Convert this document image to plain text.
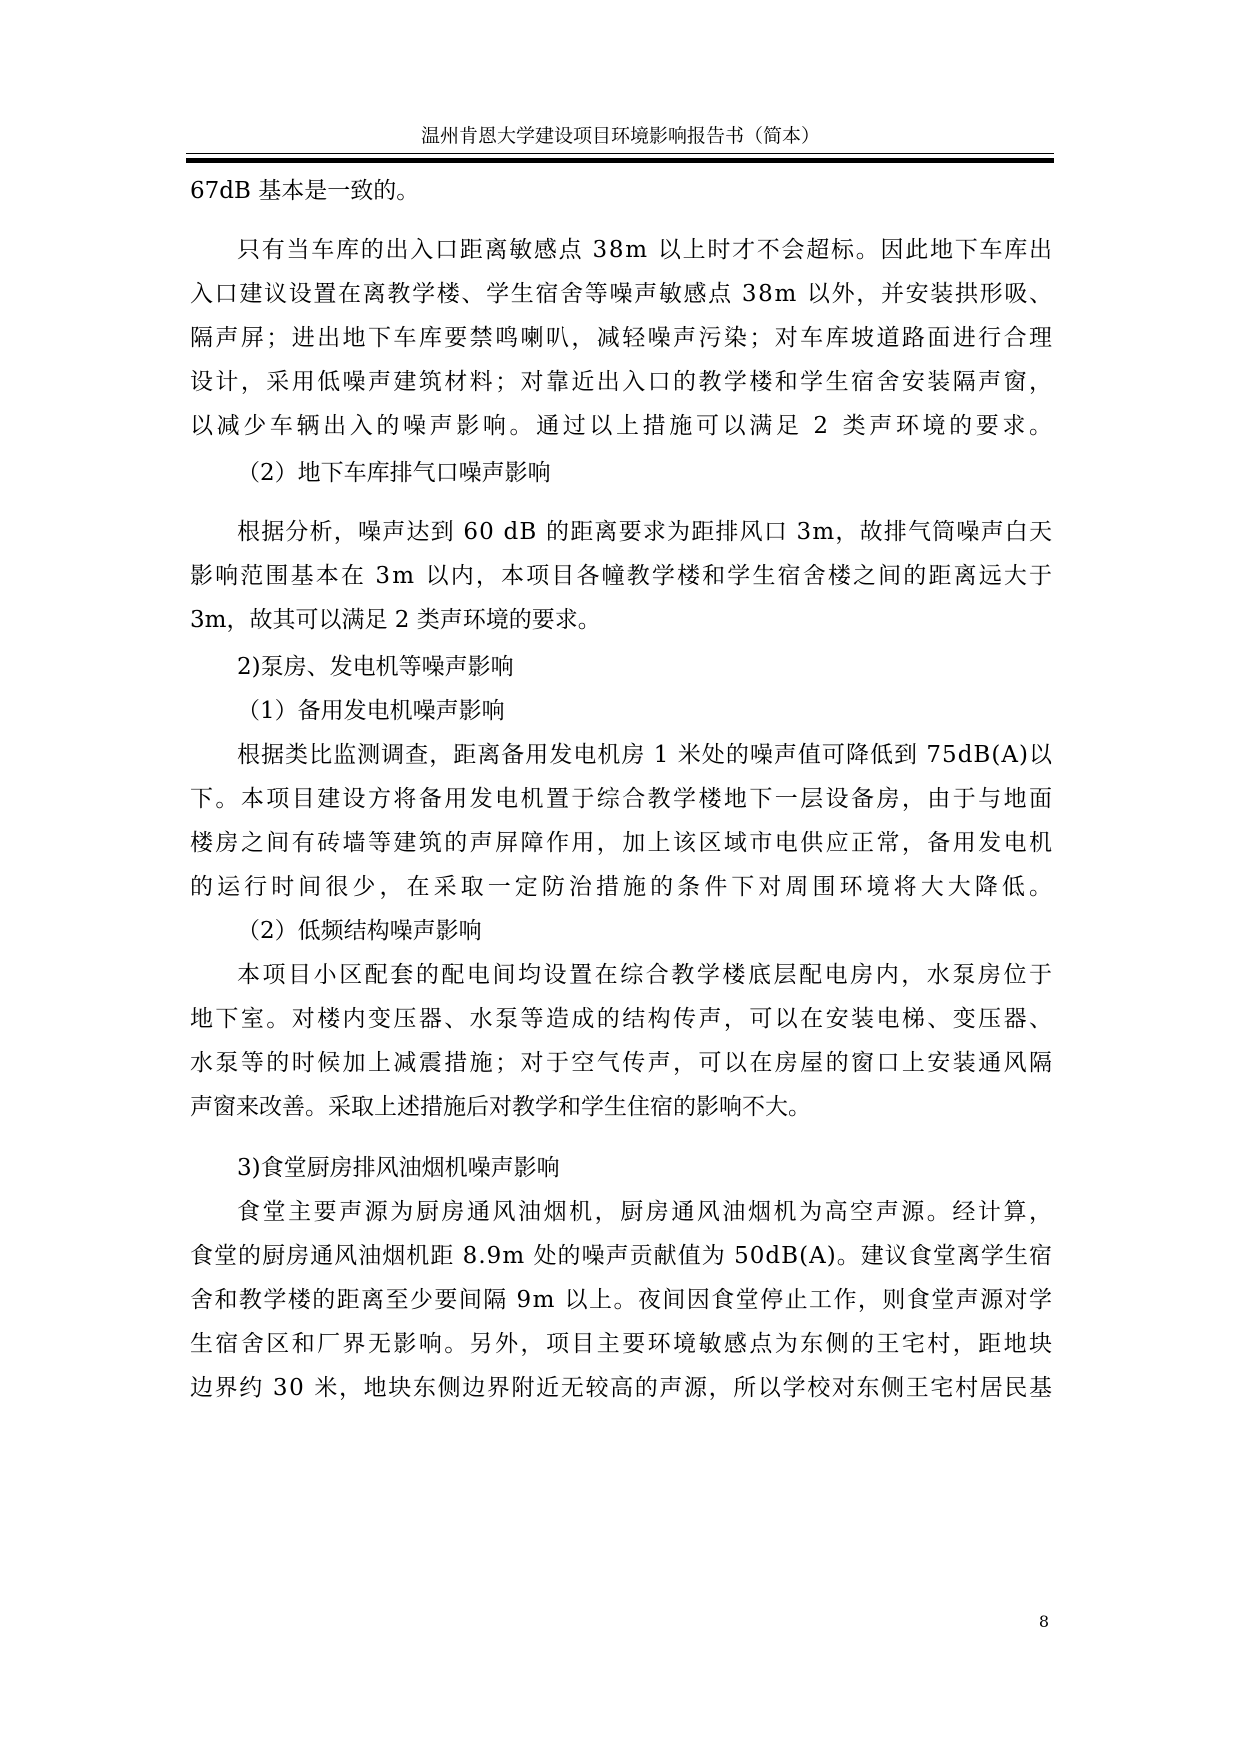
温州肯恩大学建设项目环境影响报告书（简本）
67dB 基本是一致的。
只有当车库的出入口距离敏感点 38m 以上时才不会超标。因此地下车库出
入口建议设置在离教学楼、学生宿舍等噪声敏感点 38m 以外，并安装拱形吸、
隔声屏；进出地下车库要禁鸣喇叭，减轻噪声污染；对车库坡道路面进行合理
设计，采用低噪声建筑材料；对靠近出入口的教学楼和学生宿舍安装隔声窗，
以减少车辆出入的噪声影响。通过以上措施可以满足 2 类声环境的要求。
（2）地下车库排气口噪声影响
根据分析，噪声达到 60 dB 的距离要求为距排风口 3m，故排气筒噪声白天
影响范围基本在 3m 以内，本项目各幢教学楼和学生宿舍楼之间的距离远大于
3m，故其可以满足 2 类声环境的要求。
2)泵房、发电机等噪声影响
（1）备用发电机噪声影响
根据类比监测调查，距离备用发电机房 1 米处的噪声值可降低到 75dB(A)以
下。本项目建设方将备用发电机置于综合教学楼地下一层设备房，由于与地面
楼房之间有砖墙等建筑的声屏障作用，加上该区域市电供应正常，备用发电机
的运行时间很少，在采取一定防治措施的条件下对周围环境将大大降低。
（2）低频结构噪声影响
本项目小区配套的配电间均设置在综合教学楼底层配电房内，水泵房位于
地下室。对楼内变压器、水泵等造成的结构传声，可以在安装电梯、变压器、
水泵等的时候加上减震措施；对于空气传声，可以在房屋的窗口上安装通风隔
声窗来改善。采取上述措施后对教学和学生住宿的影响不大。
3)食堂厨房排风油烟机噪声影响
食堂主要声源为厨房通风油烟机，厨房通风油烟机为高空声源。经计算，
食堂的厨房通风油烟机距 8.9m 处的噪声贡献值为 50dB(A)。建议食堂离学生宿
舍和教学楼的距离至少要间隔 9m 以上。夜间因食堂停止工作，则食堂声源对学
生宿舍区和厂界无影响。另外，项目主要环境敏感点为东侧的王宅村，距地块
边界约 30 米，地块东侧边界附近无较高的声源，所以学校对东侧王宅村居民基
8
